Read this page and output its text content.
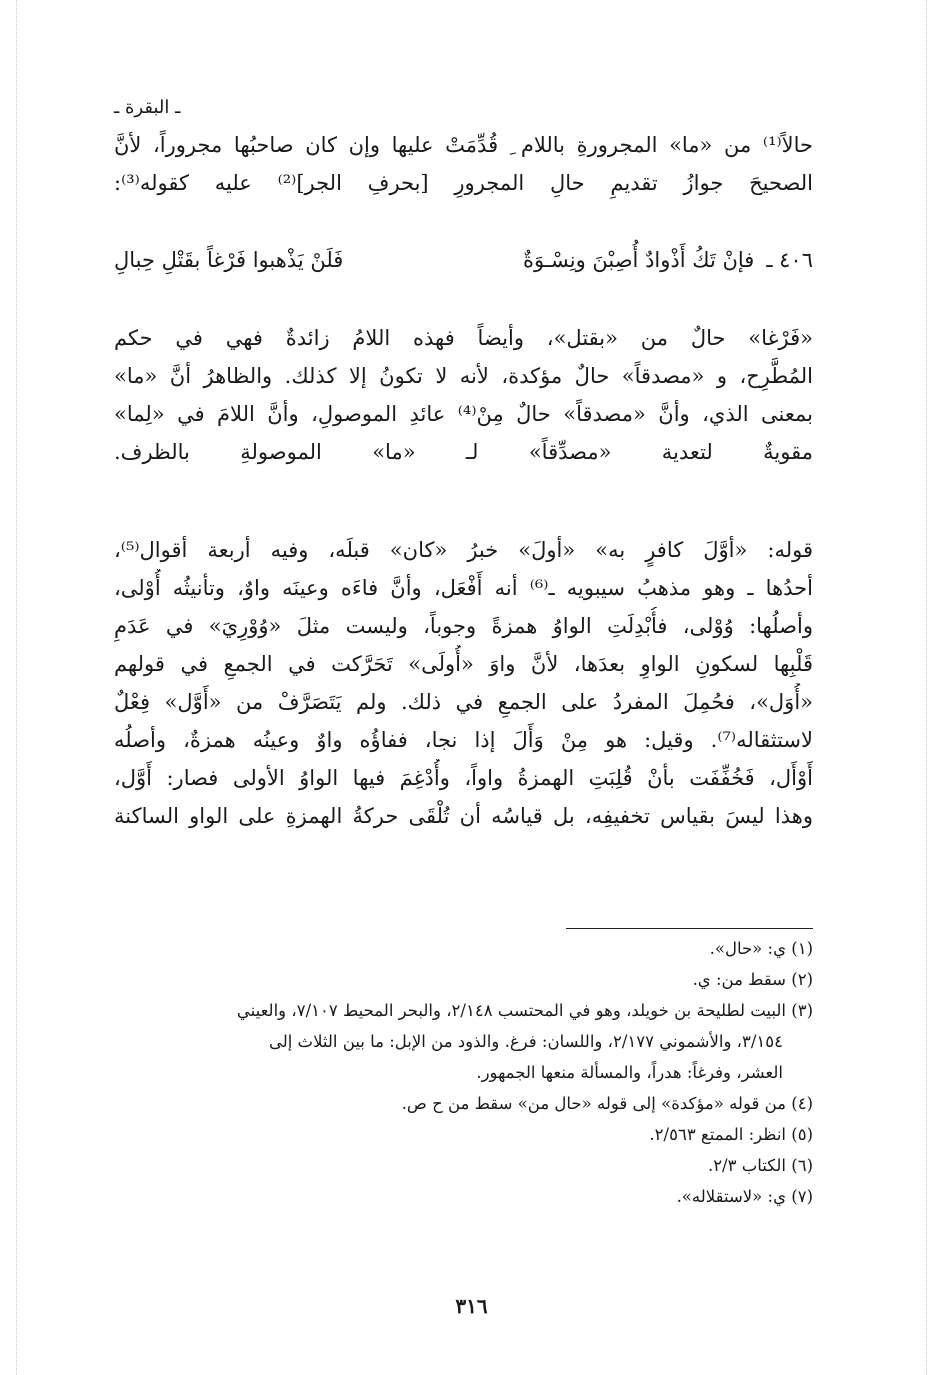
ـ البقرة ـ
حالاً⁽¹⁾ من «ما» المجرورةِ باللام ِ قُدِّمَتْ عليها وإن كان صاحبُها مجروراً، لأنَّ
الصحيحَ جوازُ تقديمِ حالِ المجرورِ [بحرفِ الجر]⁽²⁾ عليه كقوله⁽³⁾:
٤٠٦ ـ
فإنْ تَكُ أَذْوادٌ أُصِبْنَ ونِسْـوَةٌ
فَلَنْ يَذْهبوا فَرْغاً بقَتْلِ حِبالِ
«فَرْغا» حالٌ من «بقتل»، وأيضاً فهذه اللامُ زائدةٌ فهي في حكم
المُطَّرِح، و «مصدقاً» حالٌ مؤكدة، لأنه لا تكونُ إلا كذلك. والظاهرُ أنَّ «ما»
بمعنى الذي، وأنَّ «مصدقاً» حالٌ مِنْ⁽⁴⁾ عائدِ الموصولِ، وأنَّ اللامَ في «لِما»
مقويةٌ لتعدية «مصدِّقاً» لـ «ما» الموصولةِ بالظرف.
قوله: «أوَّلَ كافرٍ به» «أولَ» خبرُ «كان» قبلَه، وفيه أربعة أقوال⁽⁵⁾،
أحدُها ـ وهو مذهبُ سيبويه ـ⁽⁶⁾ أنه أَفْعَل، وأنَّ فاءَه وعينَه واوٌ، وتأنيثُه أُوْلى،
وأصلُها: وُوْلى، فأُبْدِلَتِ الواوُ همزةً وجوباً، وليست مثلَ «وُوْرِيَ» في عَدَمِ
قَلْبِها لسكونِ الواوِ بعدَها، لأنَّ واوَ «أُولَى» تَحَرَّكت في الجمعِ في قولهم
«أُوَل»، فحُمِلَ المفردُ على الجمعِ في ذلك. ولم يَتَصَرَّفْ من «أَوَّل» فِعْلٌ
لاستثقاله⁽⁷⁾. وقيل: هو مِنْ وَأَلَ إذا نجا، ففاؤُه واوٌ وعينُه همزةٌ، وأصلُه
أَوْأَل، فَخُفِّفَت بأنْ قُلِبَتِ الهمزةُ واواً، وأُدْغِمَ فيها الواوُ الأولى فصار: أَوَّل،
وهذا ليسَ بقياس تخفيفِه، بل قياسُه أن تُلْقَى حركةُ الهمزةِ على الواو الساكنة
(١) ي: «حال».
(٢) سقط من: ي.
(٣) البيت لطليحة بن خويلد، وهو في المحتسب ٢/١٤٨، والبحر المحيط ٧/١٠٧، والعيني
٣/١٥٤، والأشموني ٢/١٧٧، واللسان: فرغ. والذود من الإبل: ما بين الثلاث إلى
العشر، وفرغاً: هدراً، والمسألة منعها الجمهور.
(٤) من قوله «مؤكدة» إلى قوله «حال من» سقط من ح ص.
(٥) انظر: الممتع ٢/٥٦٣.
(٦) الكتاب ٢/٣.
(٧) ي: «لاستقلاله».
٣١٦
